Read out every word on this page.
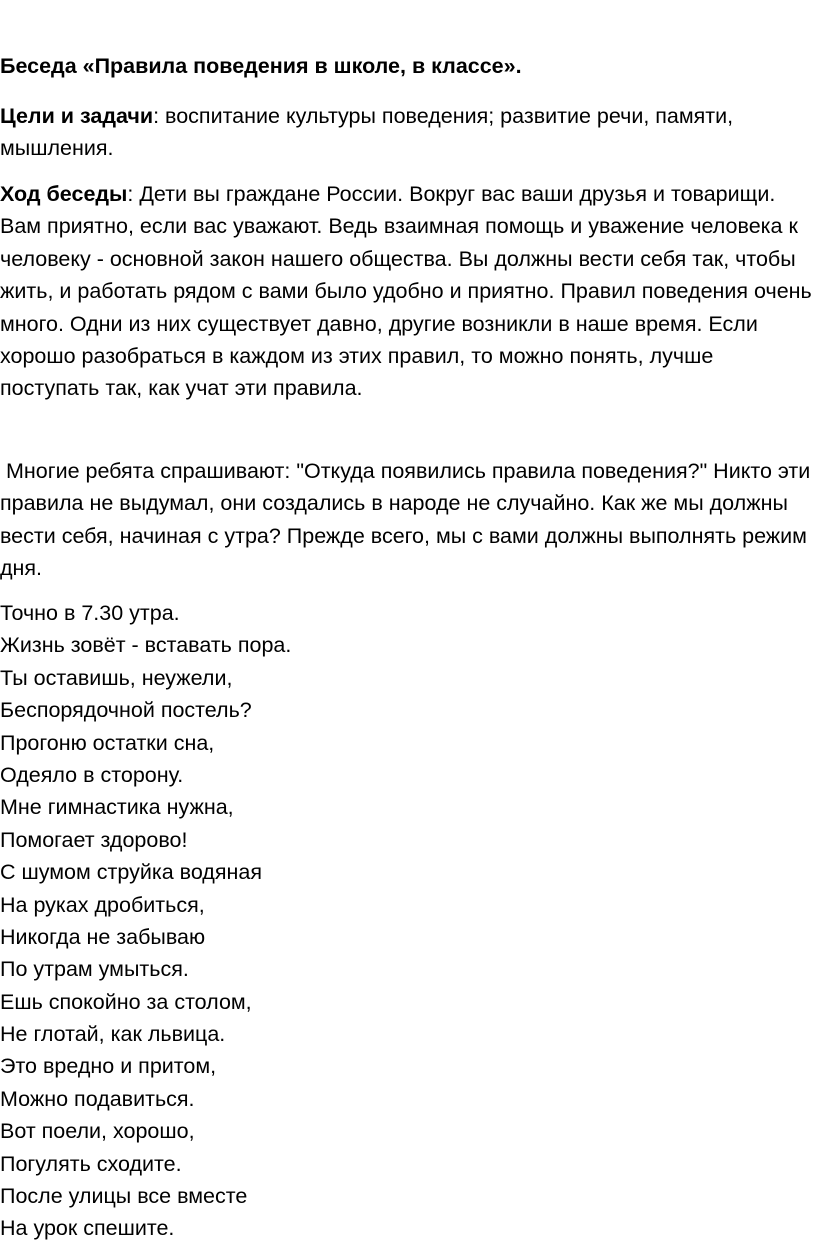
Беседа «Правила поведения в школе, в классе».

Цели и задачи: воспитание культуры поведения; развитие речи, памяти, мышления.

Ход беседы: Дети вы граждане России. Вокруг вас ваши друзья и товарищи. Вам приятно, если вас уважают. Ведь взаимная помощь и уважение человека к человеку - основной закон нашего общества. Вы должны вести себя так, чтобы жить, и работать рядом с вами было удобно и приятно. Правил поведения очень много. Одни из них существует давно, другие возникли в наше время. Если хорошо разобраться в каждом из этих правил, то можно понять, лучше поступать так, как учат эти правила.

Многие ребята спрашивают: "Откуда появились правила поведения?" Никто эти правила не выдумал, они создались в народе не случайно. Как же мы должны вести себя, начиная с утра? Прежде всего, мы с вами должны выполнять режим дня.

Точно в 7.30 утра.
Жизнь зовёт - вставать пора.
Ты оставишь, неужели,
Беспорядочной постель?
Прогоню остатки сна,
Одеяло в сторону.
Мне гимнастика нужна,
Помогает здорово!
С шумом струйка водяная
На руках дробиться,
Никогда не забываю
По утрам умыться.
Ешь спокойно за столом,
Не глотай, как львица.
Это вредно и притом,
Можно подавиться.
Вот поели, хорошо,
Погулять сходите.
После улицы все вместе
На урок спешите.
